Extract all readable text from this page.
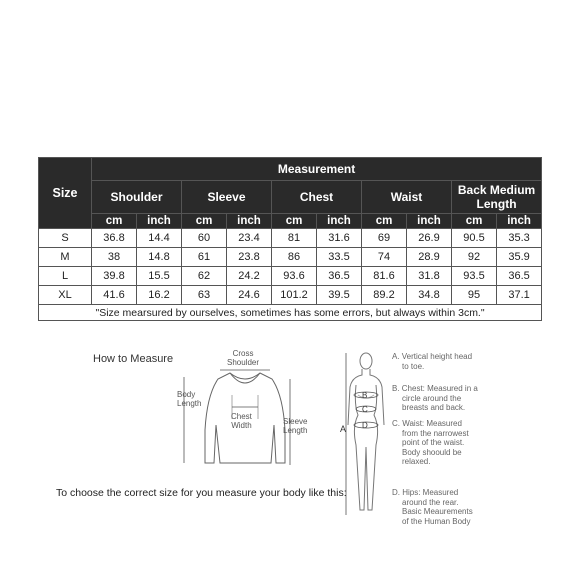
Size	Measurement									
	Shoulder		Sleeve		Chest		Waist		Back Medium Length	
	cm	inch	cm	inch	cm	inch	cm	inch	cm	inch
S	36.8	14.4	60	23.4	81	31.6	69	26.9	90.5	35.3
M	38	14.8	61	23.8	86	33.5	74	28.9	92	35.9
L	39.8	15.5	62	24.2	93.6	36.5	81.6	31.8	93.5	36.5
XL	41.6	16.2	63	24.6	101.2	39.5	89.2	34.8	95	37.1
"Size mearsured by ourselves, sometimes has some errors, but always within 3cm."										
A
B
C
D
How to Measure	Cross
Shoulder
Body
Length
Chest
Width	Sleeve
Length
To choose the correct size for you measure your body like this:
A. Vertical height head
to toe.
B. Chest: Measured in a
circle around the
breasts and back.
C. Waist: Measured
from the narrowest
point of the waist.
Body shoould be
relaxed.
D. Hips: Measured
around the rear.
Basic Meaurements
of the Human Body
